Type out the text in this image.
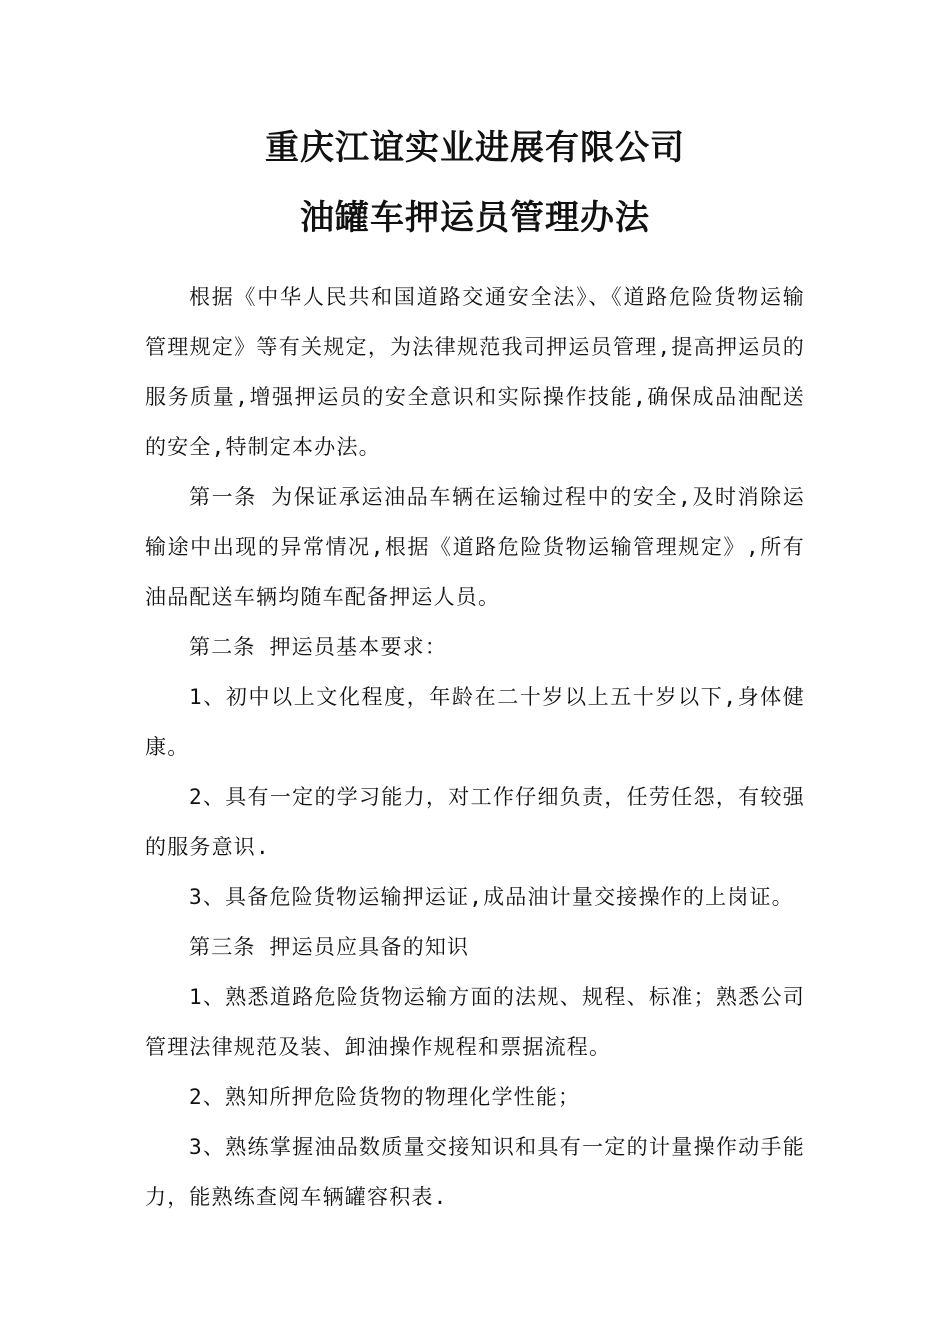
重庆江谊实业进展有限公司
油罐车押运员管理办法

根据《中华人民共和国道路交通安全法》、《道路危险货物运输管理规定》等有关规定，为法律规范我司押运员管理,提高押运员的服务质量,增强押运员的安全意识和实际操作技能,确保成品油配送的安全,特制定本办法。

第一条 为保证承运油品车辆在运输过程中的安全,及时消除运输途中出现的异常情况,根据《道路危险货物运输管理规定》,所有油品配送车辆均随车配备押运人员。

第二条 押运员基本要求：

1、初中以上文化程度，年龄在二十岁以上五十岁以下,身体健康。

2、具有一定的学习能力，对工作仔细负责，任劳任怨，有较强的服务意识.

3、具备危险货物运输押运证,成品油计量交接操作的上岗证。

第三条 押运员应具备的知识

1、熟悉道路危险货物运输方面的法规、规程、标准；熟悉公司管理法律规范及装、卸油操作规程和票据流程。

2、熟知所押危险货物的物理化学性能；

3、熟练掌握油品数质量交接知识和具有一定的计量操作动手能力，能熟练查阅车辆罐容积表.
